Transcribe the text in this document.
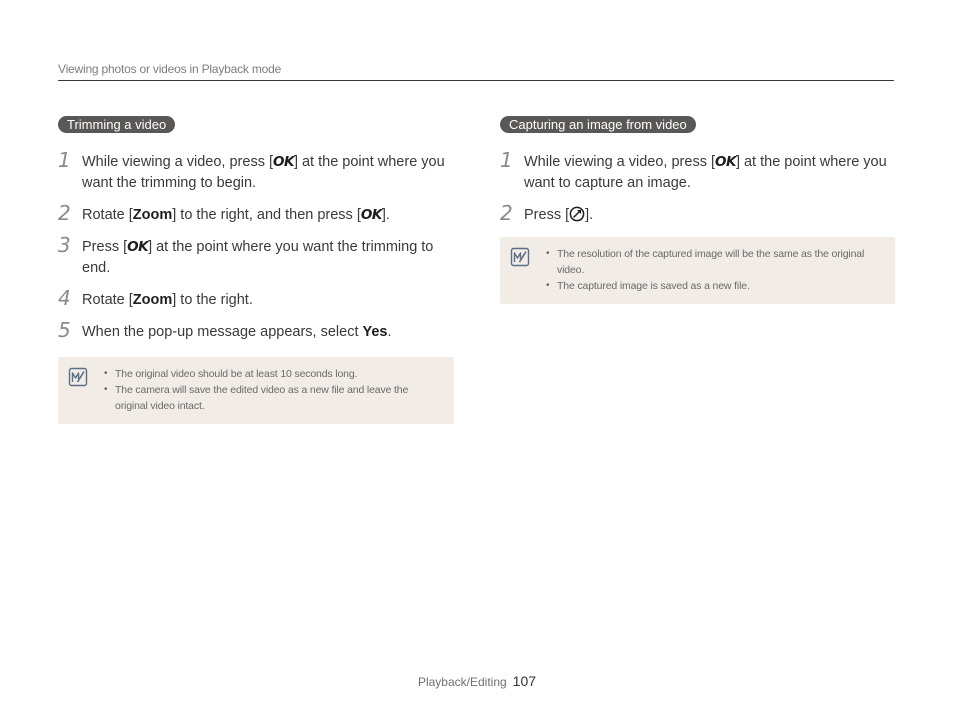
Viewing photos or videos in Playback mode
Trimming a video
1 While viewing a video, press [OK] at the point where you want the trimming to begin.
2 Rotate [Zoom] to the right, and then press [OK].
3 Press [OK] at the point where you want the trimming to end.
4 Rotate [Zoom] to the right.
5 When the pop-up message appears, select Yes.
• The original video should be at least 10 seconds long.
• The camera will save the edited video as a new file and leave the original video intact.
Capturing an image from video
1 While viewing a video, press [OK] at the point where you want to capture an image.
2 Press [ ].
• The resolution of the captured image will be the same as the original video.
• The captured image is saved as a new file.
Playback/Editing 107
